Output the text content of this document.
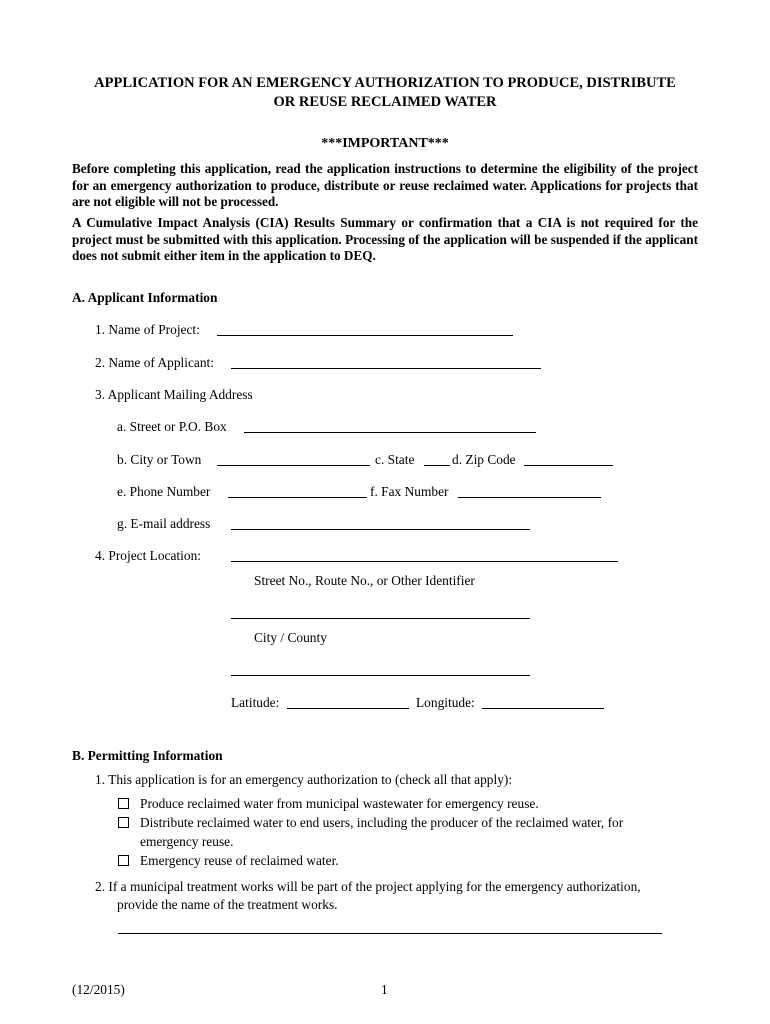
APPLICATION FOR AN EMERGENCY AUTHORIZATION TO PRODUCE, DISTRIBUTE
OR REUSE RECLAIMED WATER
***IMPORTANT***
Before completing this application, read the application instructions to determine the eligibility of the project for an emergency authorization to produce, distribute or reuse reclaimed water. Applications for projects that are not eligible will not be processed.
A Cumulative Impact Analysis (CIA) Results Summary or confirmation that a CIA is not required for the project must be submitted with this application. Processing of the application will be suspended if the applicant does not submit either item in the application to DEQ.
A. Applicant Information
1. Name of Project:
2. Name of Applicant:
3. Applicant Mailing Address
a. Street or P.O. Box
b. City or Town	c. State	d. Zip Code
e. Phone Number	f. Fax Number
g. E-mail address
4. Project Location:
Street No., Route No., or Other Identifier
City / County
Latitude:	Longitude:
B. Permitting Information
1. This application is for an emergency authorization to (check all that apply):
Produce reclaimed water from municipal wastewater for emergency reuse.
Distribute reclaimed water to end users, including the producer of the reclaimed water, for
emergency reuse.
Emergency reuse of reclaimed water.
2. If a municipal treatment works will be part of the project applying for the emergency authorization,
provide the name of the treatment works.
(12/2015)	1
